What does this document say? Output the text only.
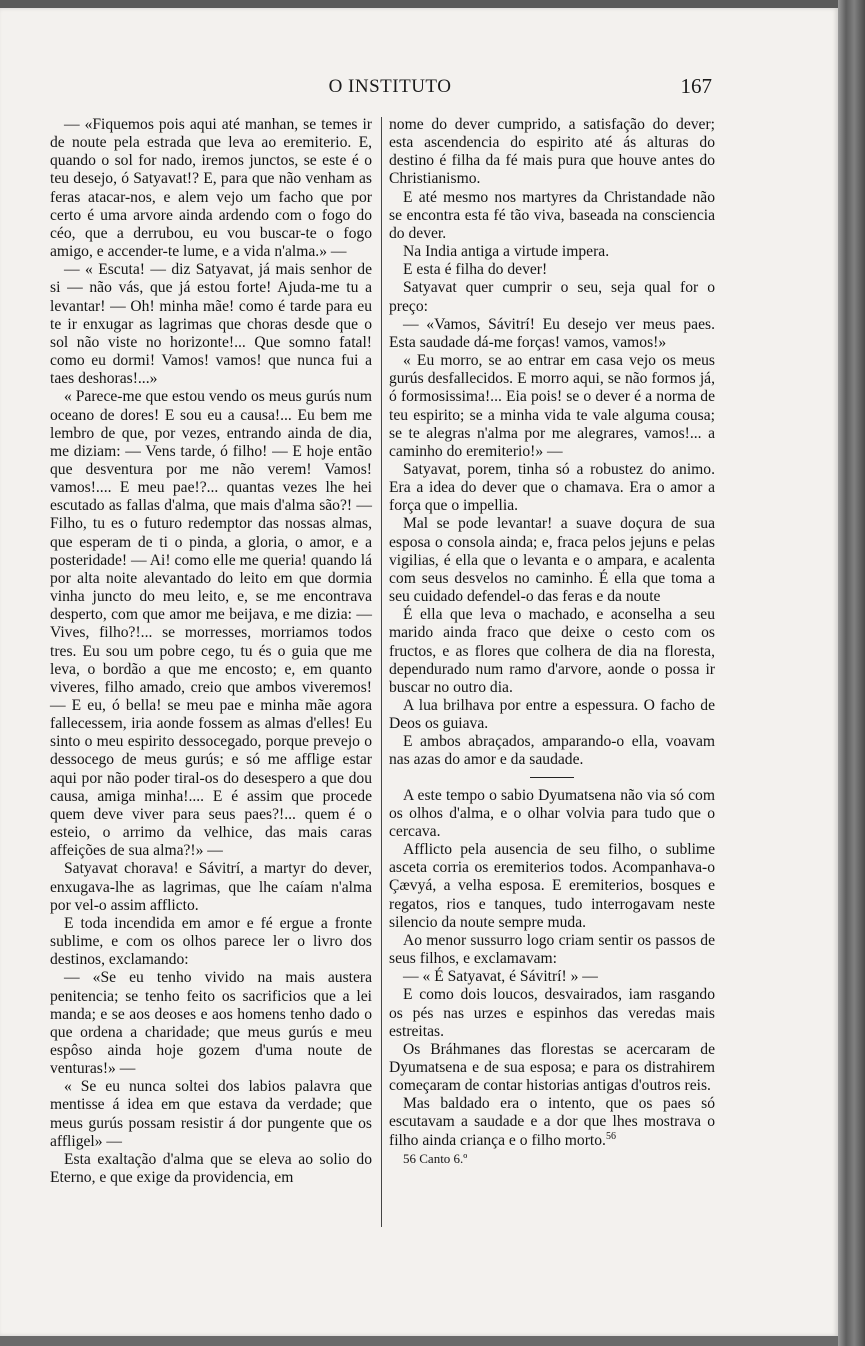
O INSTITUTO	167

— «Fiquemos pois aqui até manhan, se temes ir de noute pela estrada que leva ao eremiterio. E, quando o sol for nado, iremos junctos, se este é o teu desejo, ó Satyavat!? E, para que não venham as feras atacar-nos, e alem vejo um facho que por certo é uma arvore ainda ardendo com o fogo do céo, que a derrubou, eu vou buscar-te o fogo amigo, e accender-te lume, e a vida n'alma.» —

— « Escuta! — diz Satyavat, já mais senhor de si — não vás, que já estou forte! Ajuda-me tu a levantar! — Oh! minha mãe! como é tarde para eu te ir enxugar as lagrimas que choras desde que o sol não viste no horizonte!... Que somno fatal! como eu dormi! Vamos! vamos! que nunca fui a taes deshoras!...»

« Parece-me que estou vendo os meus gurús num oceano de dores! E sou eu a causa!... Eu bem me lembro de que, por vezes, entrando ainda de dia, me diziam: — Vens tarde, ó filho! — E hoje então que desventura por me não verem! Vamos! vamos!.... E meu pae!?... quantas vezes lhe hei escutado as fallas d'alma, que mais d'alma são?! — Filho, tu es o futuro redemptor das nossas almas, que esperam de ti o pinda, a gloria, o amor, e a posteridade! — Ai! como elle me queria! quando lá por alta noite alevantado do leito em que dormia vinha juncto do meu leito, e, se me encontrava desperto, com que amor me beijava, e me dizia: — Vives, filho?!... se morresses, morriamos todos tres. Eu sou um pobre cego, tu és o guia que me leva, o bordão a que me encosto; e, em quanto viveres, filho amado, creio que ambos viveremos! — E eu, ó bella! se meu pae e minha mãe agora fallecessem, iria aonde fossem as almas d'elles! Eu sinto o meu espirito dessocegado, porque prevejo o dessocego de meus gurús; e só me afflige estar aqui por não poder tiral-os do desespero a que dou causa, amiga minha!.... E é assim que procede quem deve viver para seus paes?!... quem é o esteio, o arrimo da velhice, das mais caras affeições de sua alma?!» —

Satyavat chorava! e Sávitrí, a martyr do dever, enxugava-lhe as lagrimas, que lhe caíam n'alma por vel-o assim afflicto.

E toda incendida em amor e fé ergue a fronte sublime, e com os olhos parece ler o livro dos destinos, exclamando:

— «Se eu tenho vivido na mais austera penitencia; se tenho feito os sacrificios que a lei manda; e se aos deoses e aos homens tenho dado o que ordena a charidade; que meus gurús e meu espôso ainda hoje gozem d'uma noute de venturas!» —

« Se eu nunca soltei dos labios palavra que mentisse á idea em que estava da verdade; que meus gurús possam resistir á dor pungente que os affligel» —

Esta exaltação d'alma que se eleva ao solio do Eterno, e que exige da providencia, em

nome do dever cumprido, a satisfação do dever; esta ascendencia do espirito até ás alturas do destino é filha da fé mais pura que houve antes do Christianismo.

E até mesmo nos martyres da Christandade não se encontra esta fé tão viva, baseada na consciencia do dever.

Na India antiga a virtude impera.

E esta é filha do dever!

Satyavat quer cumprir o seu, seja qual for o preço:

— «Vamos, Sávitrí! Eu desejo ver meus paes. Esta saudade dá-me forças! vamos, vamos!»

« Eu morro, se ao entrar em casa vejo os meus gurús desfallecidos. E morro aqui, se não formos já, ó formosissima!... Eia pois! se o dever é a norma de teu espirito; se a minha vida te vale alguma cousa; se te alegras n'alma por me alegrares, vamos!... a caminho do eremiterio!» —

Satyavat, porem, tinha só a robustez do animo. Era a idea do dever que o chamava. Era o amor a força que o impellia.

Mal se pode levantar! a suave doçura de sua esposa o consola ainda; e, fraca pelos jejuns e pelas vigilias, é ella que o levanta e o ampara, e acalenta com seus desvelos no caminho. É ella que toma a seu cuidado defendel-o das feras e da noute

É ella que leva o machado, e aconselha a seu marido ainda fraco que deixe o cesto com os fructos, e as flores que colhera de dia na floresta, dependurado num ramo d'arvore, aonde o possa ir buscar no outro dia.

A lua brilhava por entre a espessura. O facho de Deos os guiava.

E ambos abraçados, amparando-o ella, voavam nas azas do amor e da saudade.

A este tempo o sabio Dyumatsena não via só com os olhos d'alma, e o olhar volvia para tudo que o cercava.

Afflicto pela ausencia de seu filho, o sublime asceta corria os eremiterios todos. Acompanhava-o Çævyá, a velha esposa. E eremiterios, bosques e regatos, rios e tanques, tudo interrogavam neste silencio da noute sempre muda.

Ao menor sussurro logo criam sentir os passos de seus filhos, e exclamavam:

— « É Satyavat, é Sávitrí! » —

E como dois loucos, desvairados, iam rasgando os pés nas urzes e espinhos das veredas mais estreitas.

Os Bráhmanes das florestas se acercaram de Dyumatsena e de sua esposa; e para os distrahirem começaram de contar historias antigas d'outros reis.

Mas baldado era o intento, que os paes só escutavam a saudade e a dor que lhes mostrava o filho ainda criança e o filho morto.$^{56}$

56 Canto 6.º
